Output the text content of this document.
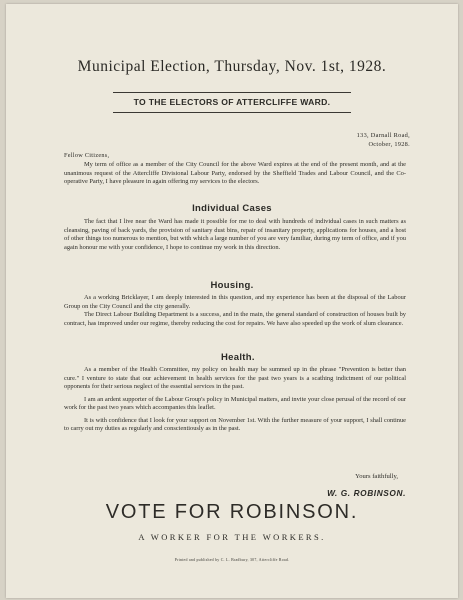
Municipal Election, Thursday, Nov. 1st, 1928.
TO THE ELECTORS OF ATTERCLIFFE WARD.
133, Darnall Road,
October, 1928.
Fellow Citizens,

My term of office as a member of the City Council for the above Ward expires at the end of the present month, and at the unanimous request of the Attercliffe Divisional Labour Party, endorsed by the Sheffield Trades and Labour Council, and the Co-operative Party, I have pleasure in again offering my services to the electors.

Individual Cases

The fact that I live near the Ward has made it possible for me to deal with hundreds of individual cases in such matters as cleansing, paving of back yards, the provision of sanitary dust bins, repair of insanitary property, applications for houses, and a host of other things too numerous to mention, but with which a large number of you are very familiar, during my term of office, and if you again honour me with your confidence, I hope to continue my work in this direction.

Housing.

As a working Bricklayer, I am deeply interested in this question, and my experience has been at the disposal of the Labour Group on the City Council and the city generally.

The Direct Labour Building Department is a success, and in the main, the general standard of construction of houses built by contract, has improved under our regime, thereby reducing the cost for repairs. We have also speeded up the work of slum clearance.

Health.

As a member of the Health Committee, my policy on health may be summed up in the phrase "Prevention is better than cure." I venture to state that our achievement in health services for the past two years is a scathing indictment of our political opponents for their serious neglect of the essential services in the past.

I am an ardent supporter of the Labour Group's policy in Municipal matters, and invite your close perusal of the record of our work for the past two years which accompanies this leaflet.

It is with confidence that I look for your support on November 1st. With the further measure of your support, I shall continue to carry out my duties as regularly and conscientiously as in the past.

Yours faithfully,
W. G. ROBINSON.
VOTE FOR ROBINSON.
A WORKER FOR THE WORKERS.
Printed and published by C. L. Bradbury, 307, Attercliffe Road.
